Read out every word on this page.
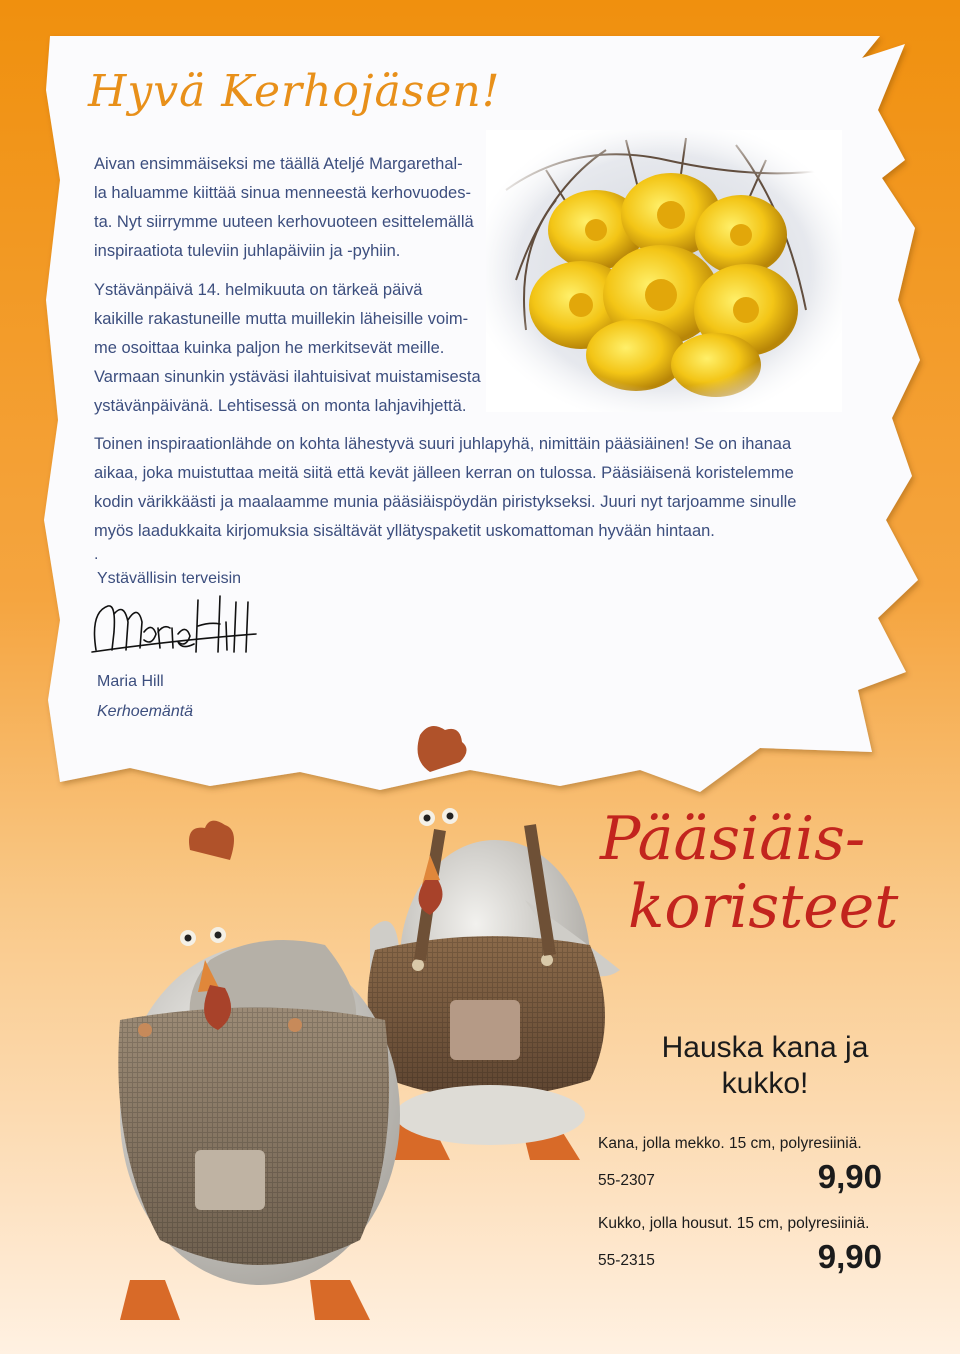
Hyvä Kerhojäsen!

Aivan ensimmäiseksi me täällä Ateljé Margarethal-

la haluamme kiittää sinua menneestä kerhovuodes-

ta. Nyt siirrymme uuteen kerhovuoteen esittelemällä

inspiraatiota tuleviin juhlapäiviin ja -pyhiin.

Ystävänpäivä 14. helmikuuta on tärkeä päivä

kaikille rakastuneille mutta muillekin läheisille voim-

me osoittaa kuinka paljon he merkitsevät meille.

Varmaan sinunkin ystäväsi ilahtuisivat muistamisesta

ystävänpäivänä. Lehtisessä on monta lahjavihjettä.

Toinen inspiraationlähde on kohta lähestyvä suuri juhlapyhä, nimittäin pääsiäinen! Se on ihanaa

aikaa, joka muistuttaa meitä siitä että kevät jälleen kerran on tulossa. Pääsiäisenä koristelemme

kodin värikkäästi ja maalaamme munia pääsiäispöydän piristykseksi. Juuri nyt tarjoamme sinulle

myös laadukkaita kirjomuksia sisältävät yllätyspaketit uskomattoman hyvään hintaan.

.
Ystävällisin terveisin
Maria Hill
Kerhoemäntä
Pääsiäis-
koristeet
Hauska kana ja kukko!
Kana, jolla mekko. 15 cm, polyresiiniä.
55-2307	9,90
Kukko, jolla housut. 15 cm, polyresiiniä.
55-2315	9,90
